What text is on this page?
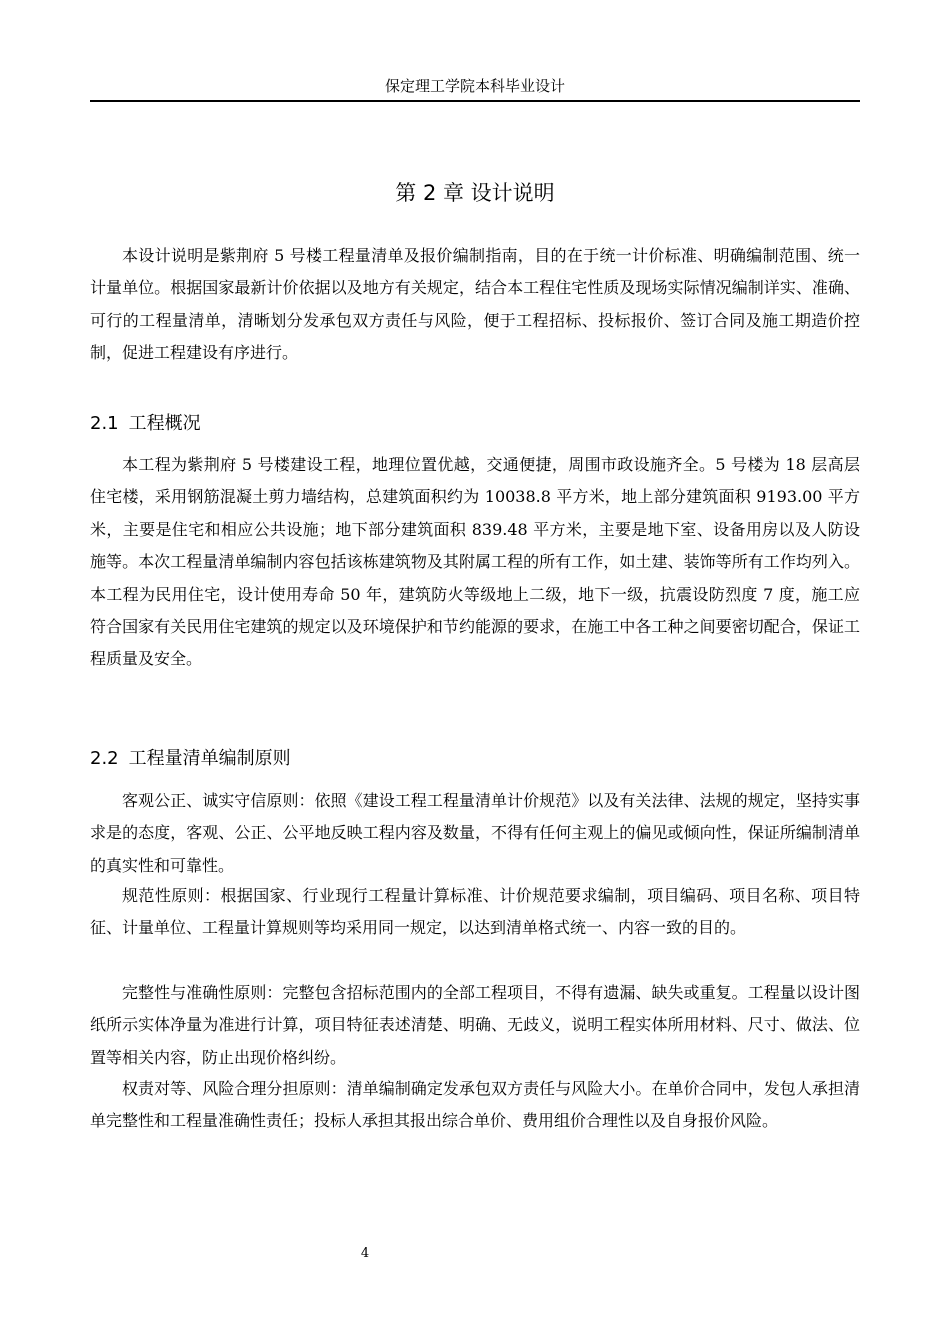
保定理工学院本科毕业设计
第 2 章 设计说明

本设计说明是紫荆府 5 号楼工程量清单及报价编制指南，目的在于统一计价标准、明确编制范围、统一计量单位。根据国家最新计价依据以及地方有关规定，结合本工程住宅性质及现场实际情况编制详实、准确、可行的工程量清单，清晰划分发承包双方责任与风险，便于工程招标、投标报价、签订合同及施工期造价控制，促进工程建设有序进行。

2.1 工程概况

本工程为紫荆府 5 号楼建设工程，地理位置优越，交通便捷，周围市政设施齐全。5 号楼为 18 层高层住宅楼，采用钢筋混凝土剪力墙结构，总建筑面积约为 10038.8 平方米，地上部分建筑面积 9193.00 平方米，主要是住宅和相应公共设施；地下部分建筑面积 839.48 平方米，主要是地下室、设备用房以及人防设施等。本次工程量清单编制内容包括该栋建筑物及其附属工程的所有工作，如土建、装饰等所有工作均列入。本工程为民用住宅，设计使用寿命 50 年，建筑防火等级地上二级，地下一级，抗震设防烈度 7 度，施工应符合国家有关民用住宅建筑的规定以及环境保护和节约能源的要求，在施工中各工种之间要密切配合，保证工程质量及安全。

2.2 工程量清单编制原则

客观公正、诚实守信原则：依照《建设工程工程量清单计价规范》以及有关法律、法规的规定，坚持实事求是的态度，客观、公正、公平地反映工程内容及数量，不得有任何主观上的偏见或倾向性，保证所编制清单的真实性和可靠性。

规范性原则：根据国家、行业现行工程量计算标准、计价规范要求编制，项目编码、项目名称、项目特征、计量单位、工程量计算规则等均采用同一规定，以达到清单格式统一、内容一致的目的。

完整性与准确性原则：完整包含招标范围内的全部工程项目，不得有遗漏、缺失或重复。工程量以设计图纸所示实体净量为准进行计算，项目特征表述清楚、明确、无歧义，说明工程实体所用材料、尺寸、做法、位置等相关内容，防止出现价格纠纷。

权责对等、风险合理分担原则：清单编制确定发承包双方责任与风险大小。在单价合同中，发包人承担清单完整性和工程量准确性责任；投标人承担其报出综合单价、费用组价合理性以及自身报价风险。

4
